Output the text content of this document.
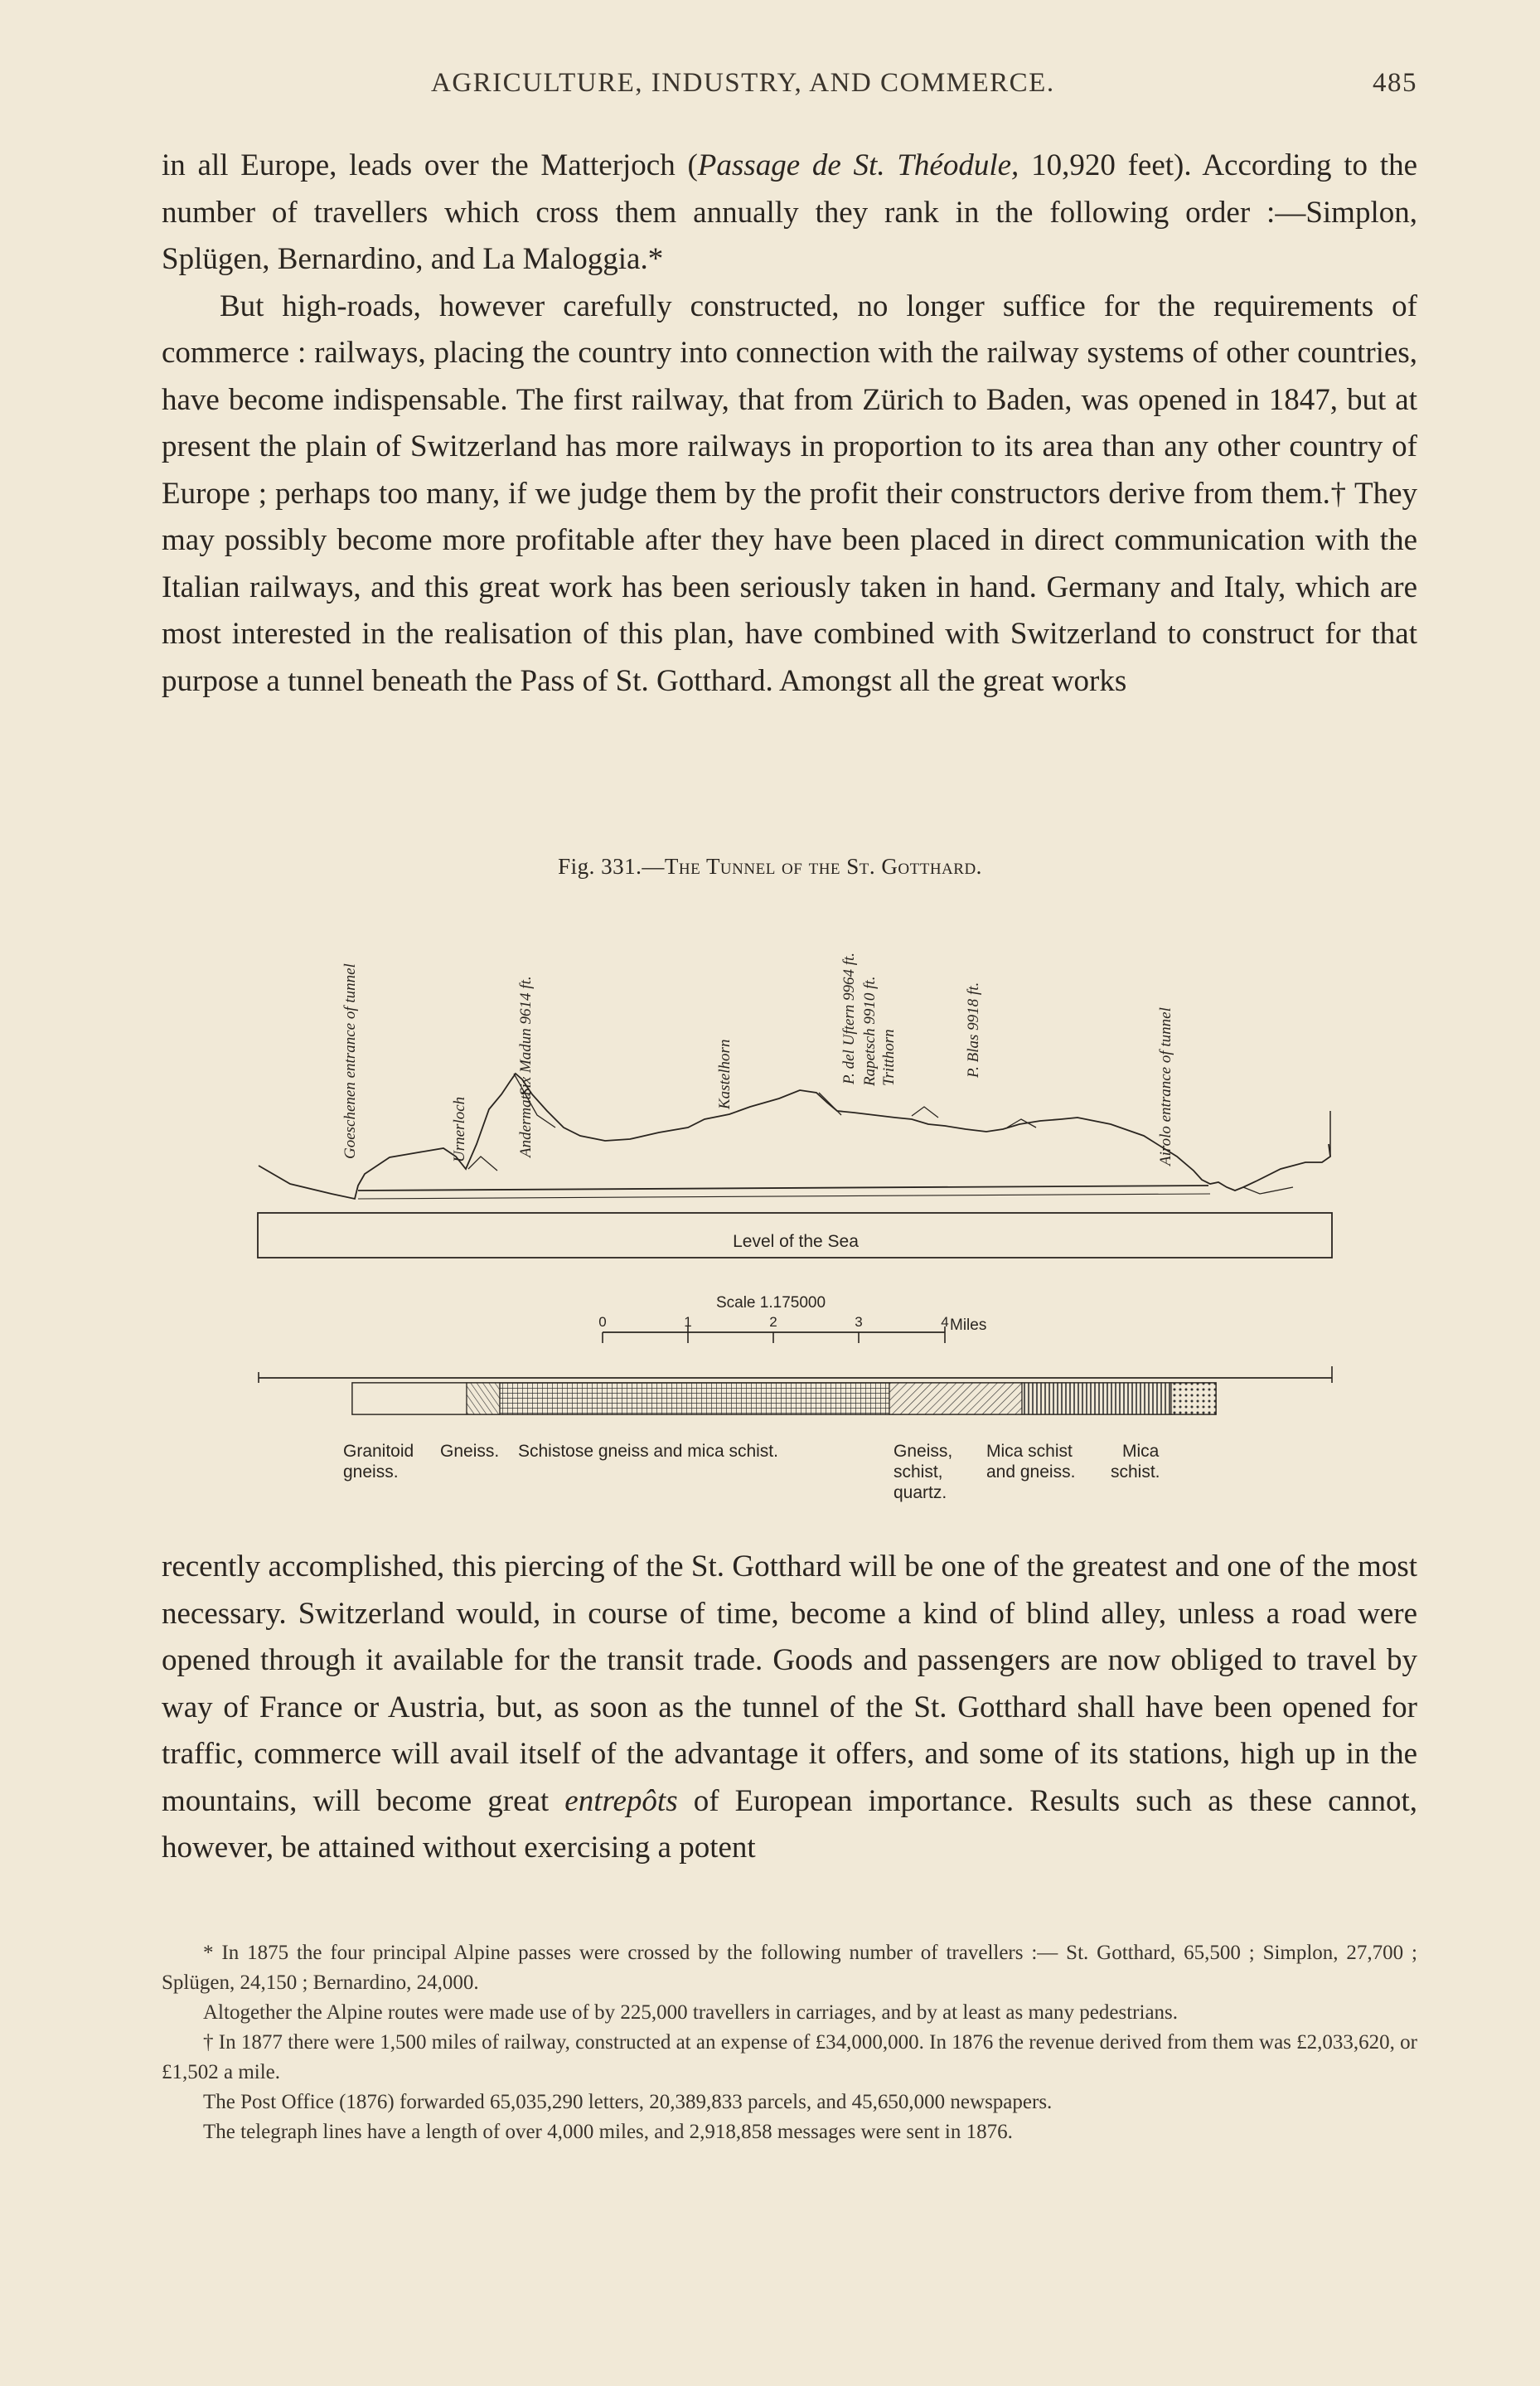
AGRICULTURE, INDUSTRY, AND COMMERCE.	485

in all Europe, leads over the Matterjoch (Passage de St. Théodule, 10,920 feet). According to the number of travellers which cross them annually they rank in the following order :—Simplon, Splügen, Bernardino, and La Maloggia.*

But high-roads, however carefully constructed, no longer suffice for the requirements of commerce : railways, placing the country into connection with the railway systems of other countries, have become indispensable. The first railway, that from Zürich to Baden, was opened in 1847, but at present the plain of Switzerland has more railways in proportion to its area than any other country of Europe ; perhaps too many, if we judge them by the profit their constructors derive from them.† They may possibly become more profitable after they have been placed in direct communication with the Italian railways, and this great work has been seriously taken in hand. Germany and Italy, which are most interested in the realisation of this plan, have combined with Switzerland to construct for that purpose a tunnel beneath the Pass of St. Gotthard. Amongst all the great works

Fig. 331.—The Tunnel of the St. Gotthard.
Level of the Sea
Goeschenen entrance of tunnel	Urnerloch	Andermatt
Six Madun 9614 ft.	Kastelhorn	P. del Uftern 9964 ft. Rapetsch 9910 ft. Tritthorn	P. Blas 9918 ft.	Airolo entrance of tunnel
Scale 1.175000
0	1	2	3	4 Miles
Granitoid
gneiss.
Gneiss. Schistose gneiss and mica schist.	Gneiss,
schist,
quartz.
Mica schist
and gneiss.
Mica
schist.

recently accomplished, this piercing of the St. Gotthard will be one of the greatest and one of the most necessary. Switzerland would, in course of time, become a kind of blind alley, unless a road were opened through it available for the transit trade. Goods and passengers are now obliged to travel by way of France or Austria, but, as soon as the tunnel of the St. Gotthard shall have been opened for traffic, commerce will avail itself of the advantage it offers, and some of its stations, high up in the mountains, will become great entrepôts of European importance. Results such as these cannot, however, be attained without exercising a potent

* In 1875 the four principal Alpine passes were crossed by the following number of travellers :— St. Gotthard, 65,500 ; Simplon, 27,700 ; Splügen, 24,150 ; Bernardino, 24,000.

Altogether the Alpine routes were made use of by 225,000 travellers in carriages, and by at least as many pedestrians.

† In 1877 there were 1,500 miles of railway, constructed at an expense of £34,000,000. In 1876 the revenue derived from them was £2,033,620, or £1,502 a mile.

The Post Office (1876) forwarded 65,035,290 letters, 20,389,833 parcels, and 45,650,000 newspapers.

The telegraph lines have a length of over 4,000 miles, and 2,918,858 messages were sent in 1876.
